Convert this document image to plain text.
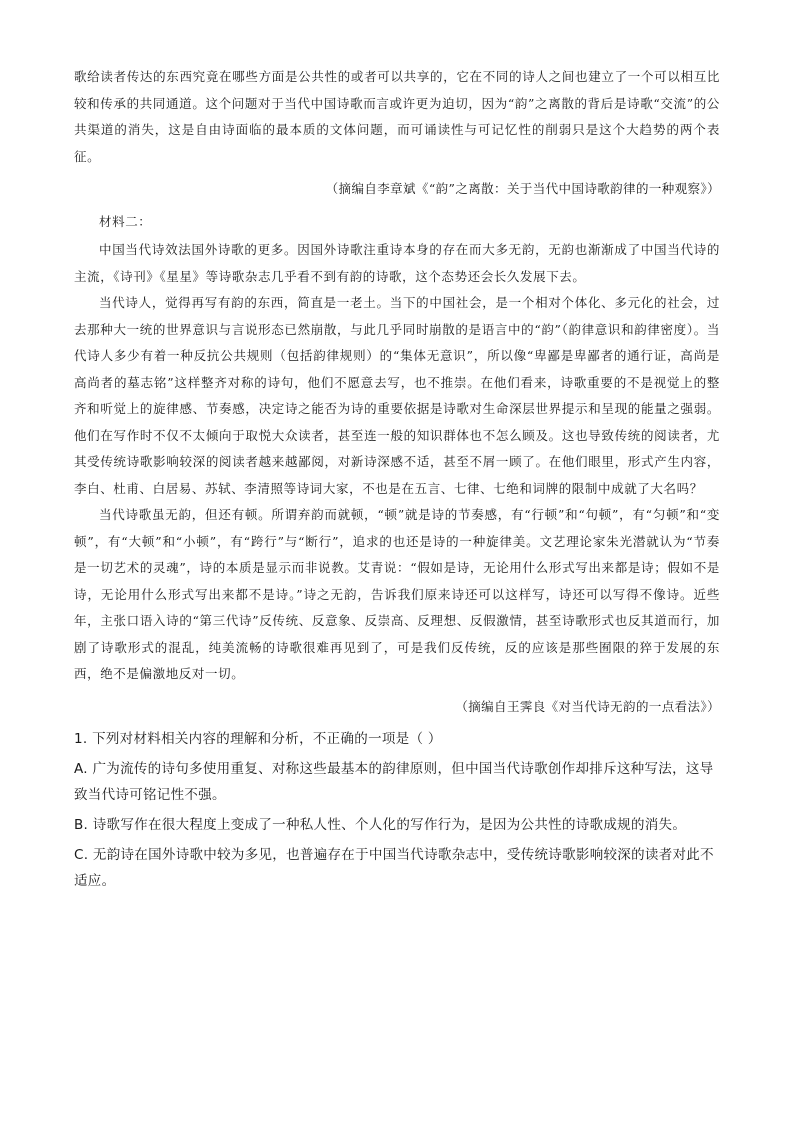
歌给读者传达的东西究竟在哪些方面是公共性的或者可以共享的，它在不同的诗人之间也建立了一个可以相互比较和传承的共同通道。这个问题对于当代中国诗歌而言或许更为迫切，因为“韵”之离散的背后是诗歌“交流”的公共渠道的消失，这是自由诗面临的最本质的文体问题，而可诵读性与可记忆性的削弱只是这个大趋势的两个表征。

（摘编自李章斌《“韵”之离散：关于当代中国诗歌韵律的一种观察》）

材料二：

中国当代诗效法国外诗歌的更多。因国外诗歌注重诗本身的存在而大多无韵，无韵也渐渐成了中国当代诗的主流，《诗刊》《星星》等诗歌杂志几乎看不到有韵的诗歌，这个态势还会长久发展下去。

当代诗人，觉得再写有韵的东西，简直是一老土。当下的中国社会，是一个相对个体化、多元化的社会，过去那种大一统的世界意识与言说形态已然崩散，与此几乎同时崩散的是语言中的“韵”（韵律意识和韵律密度）。当代诗人多少有着一种反抗公共规则（包括韵律规则）的“集体无意识”，所以像“卑鄙是卑鄙者的通行证，高尚是高尚者的墓志铭”这样整齐对称的诗句，他们不愿意去写，也不推崇。在他们看来，诗歌重要的不是视觉上的整齐和听觉上的旋律感、节奏感，决定诗之能否为诗的重要依据是诗歌对生命深层世界提示和呈现的能量之强弱。他们在写作时不仅不太倾向于取悦大众读者，甚至连一般的知识群体也不怎么顾及。这也导致传统的阅读者，尤其受传统诗歌影响较深的阅读者越来越鄙阅，对新诗深感不适，甚至不屑一顾了。在他们眼里，形式产生内容，李白、杜甫、白居易、苏轼、李清照等诗词大家，不也是在五言、七律、七绝和词牌的限制中成就了大名吗？

当代诗歌虽无韵，但还有顿。所谓弃韵而就顿，“顿”就是诗的节奏感，有“行顿”和“句顿”，有“匀顿”和“变顿”，有“大顿”和“小顿”，有“跨行”与“断行”，追求的也还是诗的一种旋律美。文艺理论家朱光潜就认为“节奏是一切艺术的灵魂”，诗的本质是显示而非说教。艾青说：“假如是诗，无论用什么形式写出来都是诗；假如不是诗，无论用什么形式写出来都不是诗。”诗之无韵，告诉我们原来诗还可以这样写，诗还可以写得不像诗。近些年，主张口语入诗的“第三代诗”反传统、反意象、反崇高、反理想、反假激情，甚至诗歌形式也反其道而行，加剧了诗歌形式的混乱，纯美流畅的诗歌很难再见到了，可是我们反传统，反的应该是那些囿限的猝于发展的东西，绝不是偏激地反对一切。

（摘编自王霁良《对当代诗无韵的一点看法》）

1. 下列对材料相关内容的理解和分析，不正确的一项是（ ）

A. 广为流传的诗句多使用重复、对称这些最基本的韵律原则，但中国当代诗歌创作却排斥这种写法，这导致当代诗可铭记性不强。

B. 诗歌写作在很大程度上变成了一种私人性、个人化的写作行为，是因为公共性的诗歌成规的消失。

C. 无韵诗在国外诗歌中较为多见，也普遍存在于中国当代诗歌杂志中，受传统诗歌影响较深的读者对此不适应。
